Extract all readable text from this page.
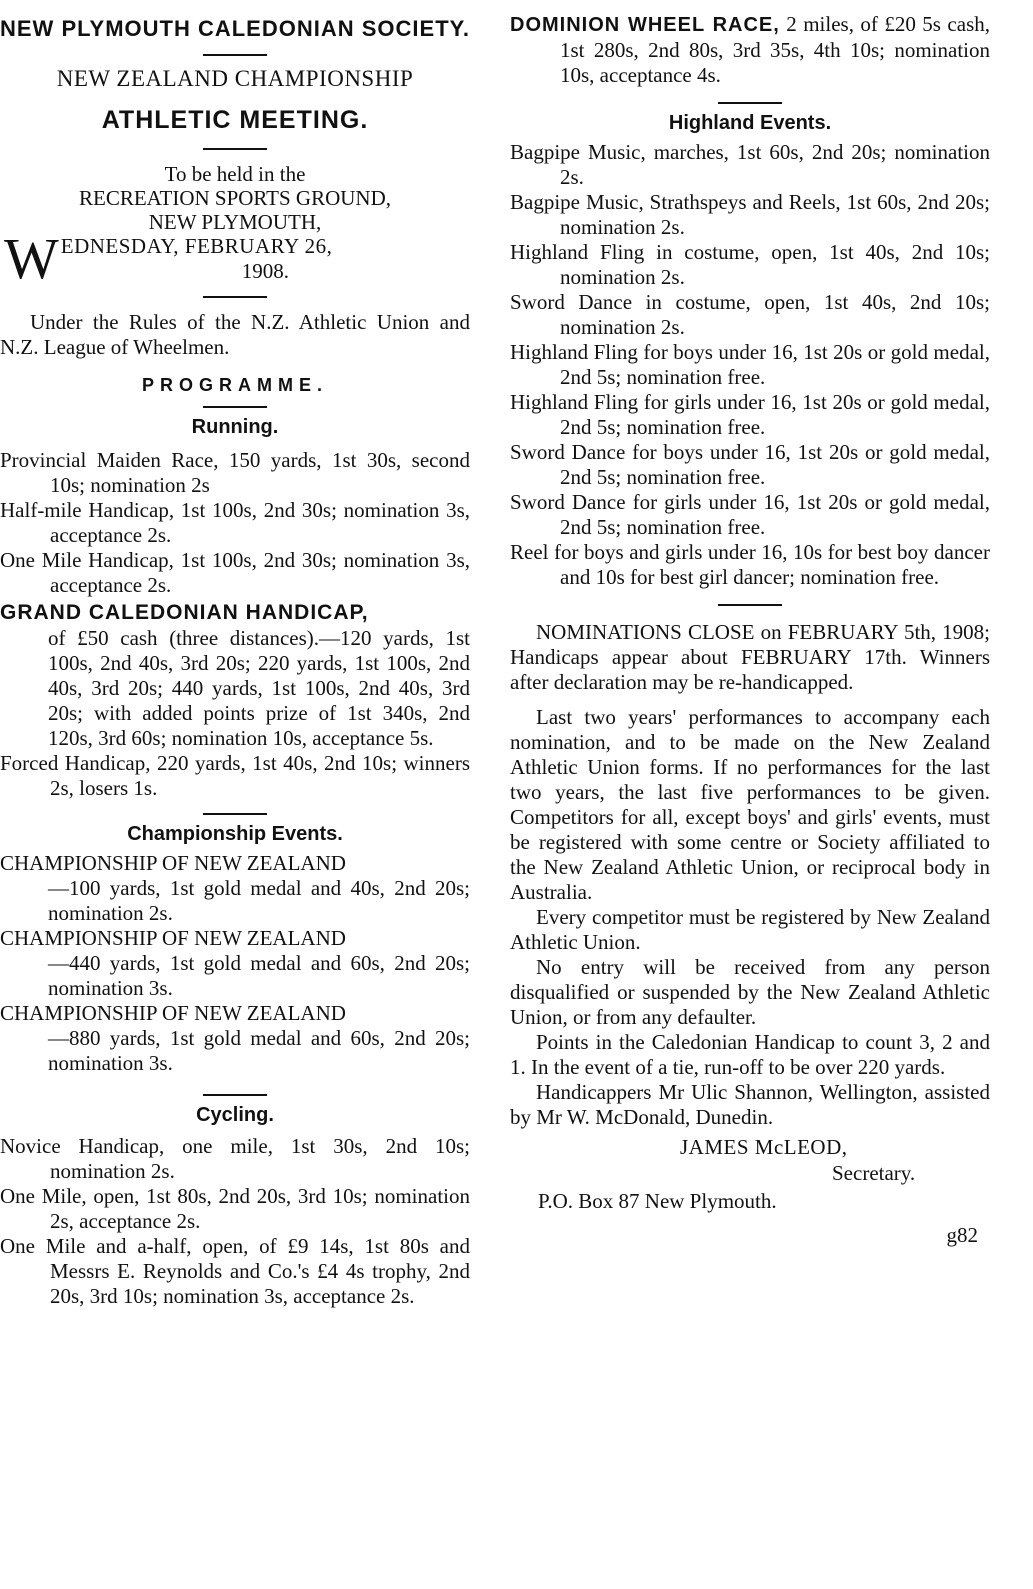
NEW PLYMOUTH CALEDONIAN SOCIETY.
NEW ZEALAND CHAMPIONSHIP
ATHLETIC MEETING.
To be held in the
RECREATION SPORTS GROUND,
NEW PLYMOUTH,
W EDNESDAY, FEBRUARY 26,
1908.
Under the Rules of the N.Z. Athletic Union and N.Z. League of Wheelmen.
PROGRAMME.
Running.
Provincial Maiden Race, 150 yards, 1st 30s, second 10s; nomination 2s
Half-mile Handicap, 1st 100s, 2nd 30s; nomination 3s, acceptance 2s.
One Mile Handicap, 1st 100s, 2nd 30s; nomination 3s, acceptance 2s.
GRAND CALEDONIAN HANDICAP,
of £50 cash (three distances).—120 yards, 1st 100s, 2nd 40s, 3rd 20s; 220 yards, 1st 100s, 2nd 40s, 3rd 20s; 440 yards, 1st 100s, 2nd 40s, 3rd 20s; with added points prize of 1st 340s, 2nd 120s, 3rd 60s; nomination 10s, acceptance 5s.
Forced Handicap, 220 yards, 1st 40s, 2nd 10s; winners 2s, losers 1s.
Championship Events.
CHAMPIONSHIP OF NEW ZEALAND
—100 yards, 1st gold medal and 40s, 2nd 20s; nomination 2s.
CHAMPIONSHIP OF NEW ZEALAND
—440 yards, 1st gold medal and 60s, 2nd 20s; nomination 3s.
CHAMPIONSHIP OF NEW ZEALAND
—880 yards, 1st gold medal and 60s, 2nd 20s; nomination 3s.
Cycling.
Novice Handicap, one mile, 1st 30s, 2nd 10s; nomination 2s.
One Mile, open, 1st 80s, 2nd 20s, 3rd 10s; nomination 2s, acceptance 2s.
One Mile and a-half, open, of £9 14s, 1st 80s and Messrs E. Reynolds and Co.'s £4 4s trophy, 2nd 20s, 3rd 10s; nomination 3s, acceptance 2s.
DOMINION WHEEL RACE, 2 miles, of £20 5s cash, 1st 280s, 2nd 80s, 3rd 35s, 4th 10s; nomination 10s, acceptance 4s.
Highland Events.
Bagpipe Music, marches, 1st 60s, 2nd 20s; nomination 2s.
Bagpipe Music, Strathspeys and Reels, 1st 60s, 2nd 20s; nomination 2s.
Highland Fling in costume, open, 1st 40s, 2nd 10s; nomination 2s.
Sword Dance in costume, open, 1st 40s, 2nd 10s; nomination 2s.
Highland Fling for boys under 16, 1st 20s or gold medal, 2nd 5s; nomination free.
Highland Fling for girls under 16, 1st 20s or gold medal, 2nd 5s; nomination free.
Sword Dance for boys under 16, 1st 20s or gold medal, 2nd 5s; nomination free.
Sword Dance for girls under 16, 1st 20s or gold medal, 2nd 5s; nomination free.
Reel for boys and girls under 16, 10s for best boy dancer and 10s for best girl dancer; nomination free.
NOMINATIONS CLOSE on FEBRUARY 5th, 1908; Handicaps appear about FEBRUARY 17th. Winners after declaration may be re-handicapped.
Last two years' performances to accompany each nomination, and to be made on the New Zealand Athletic Union forms. If no performances for the last two years, the last five performances to be given. Competitors for all, except boys' and girls' events, must be registered with some centre or Society affiliated to the New Zealand Athletic Union, or reciprocal body in Australia.
Every competitor must be registered by New Zealand Athletic Union.
No entry will be received from any person disqualified or suspended by the New Zealand Athletic Union, or from any defaulter.
Points in the Caledonian Handicap to count 3, 2 and 1. In the event of a tie, run-off to be over 220 yards.
Handicappers Mr Ulic Shannon, Wellington, assisted by Mr W. McDonald, Dunedin.
JAMES McLEOD,
Secretary.
P.O. Box 87 New Plymouth.
g82
